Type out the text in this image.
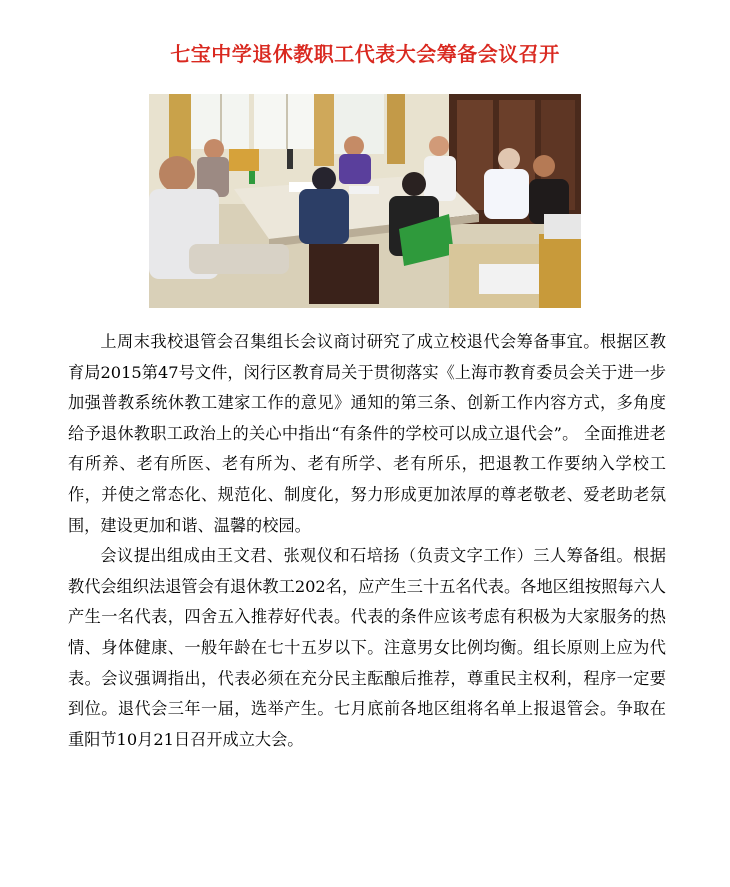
七宝中学退休教职工代表大会筹备会议召开

上周末我校退管会召集组长会议商讨研究了成立校退代会筹备事宜。根据区教育局2015第47号文件，闵行区教育局关于贯彻落实《上海市教育委员会关于进一步加强普教系统休教工建家工作的意见》通知的第三条、创新工作内容方式，多角度给予退休教职工政治上的关心中指出“有条件的学校可以成立退代会”。 全面推进老有所养、老有所医、老有所为、老有所学、老有所乐，把退教工作要纳入学校工作，并使之常态化、规范化、制度化，努力形成更加浓厚的尊老敬老、爱老助老氛围，建设更加和谐、温馨的校园。

会议提出组成由王文君、张观仪和石培扬（负责文字工作）三人筹备组。根据教代会组织法退管会有退休教工202名，应产生三十五名代表。各地区组按照每六人产生一名代表，四舍五入推荐好代表。代表的条件应该考虑有积极为大家服务的热情、身体健康、一般年龄在七十五岁以下。注意男女比例均衡。组长原则上应为代表。会议强调指出，代表必须在充分民主酝酿后推荐，尊重民主权利，程序一定要到位。退代会三年一届，选举产生。七月底前各地区组将名单上报退管会。争取在重阳节10月21日召开成立大会。
